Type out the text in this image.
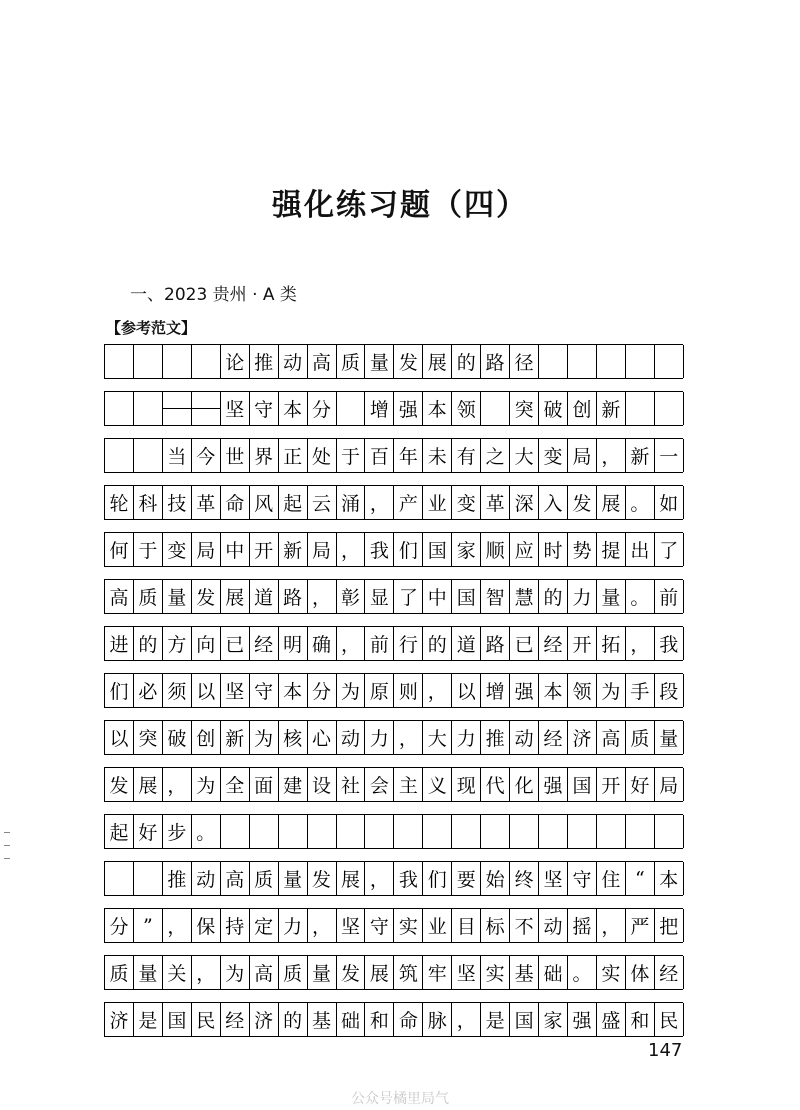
强化练习题（四）
一、2023 贵州 · A 类
【参考范文】
论 推 动 高 质 量 发 展 的 路 径
坚 守 本 分 增 强 本 领 突 破 创 新
当 今 世 界 正 处 于 百 年 未 有 之 大 变 局 ， 新 一
轮 科 技 革 命 风 起 云 涌 ， 产 业 变 革 深 入 发 展 。 如
何 于 变 局 中 开 新 局 ， 我 们 国 家 顺 应 时 势 提 出 了
高 质 量 发 展 道 路 ， 彰 显 了 中 国 智 慧 的 力 量 。 前
进 的 方 向 已 经 明 确 ， 前 行 的 道 路 已 经 开 拓 ， 我
们 必 须 以 坚 守 本 分 为 原 则 ， 以 增 强 本 领 为 手 段
以 突 破 创 新 为 核 心 动 力 ， 大 力 推 动 经 济 高 质 量
发 展 ， 为 全 面 建 设 社 会 主 义 现 代 化 强 国 开 好 局
起 好 步 。
推 动 高 质 量 发 展 ， 我 们 要 始 终 坚 守 住 “ 本
分 ” ， 保 持 定 力 ， 坚 守 实 业 目 标 不 动 摇 ， 严 把
质 量 关 ， 为 高 质 量 发 展 筑 牢 坚 实 基 础 。 实 体 经
济 是 国 民 经 济 的 基 础 和 命 脉 ， 是 国 家 强 盛 和 民
147
公众号橘里局气
